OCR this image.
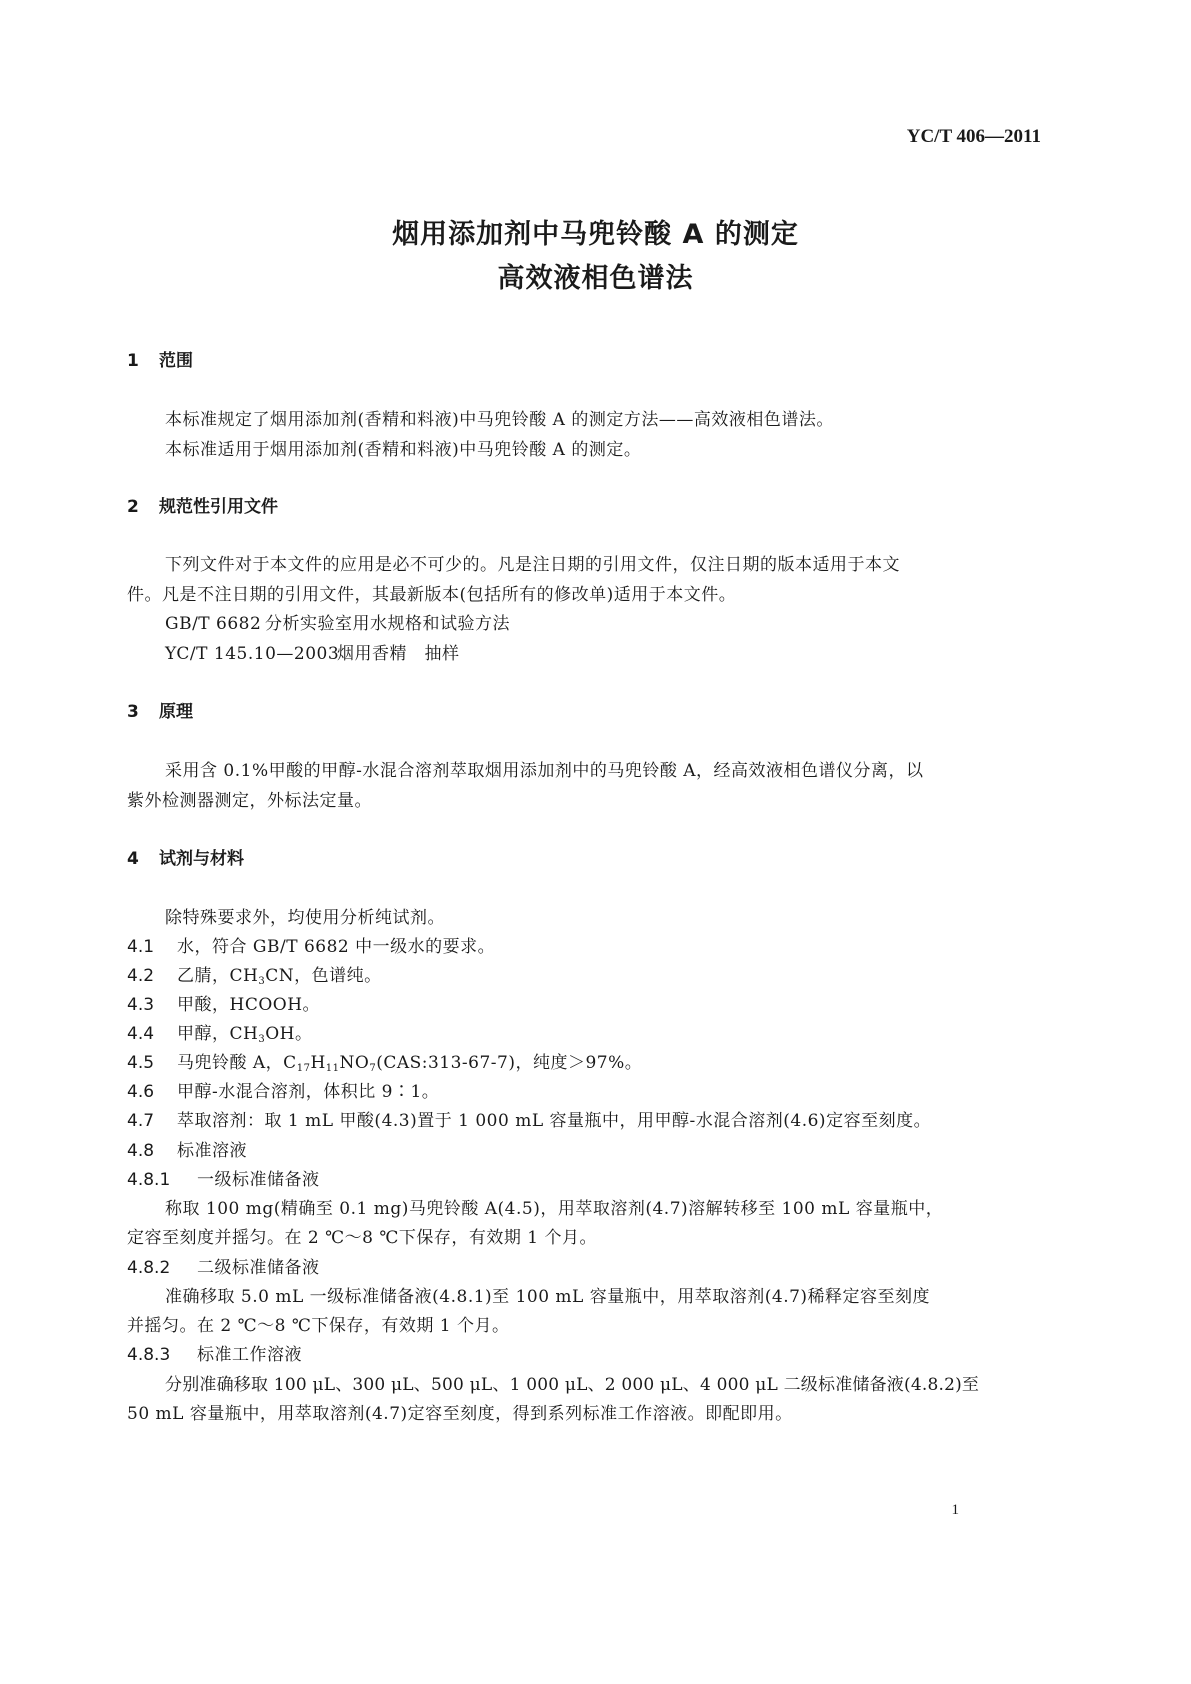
YC/T 406—2011
烟用添加剂中马兜铃酸 A 的测定
高效液相色谱法
1 范围
本标准规定了烟用添加剂(香精和料液)中马兜铃酸 A 的测定方法——高效液相色谱法。
本标准适用于烟用添加剂(香精和料液)中马兜铃酸 A 的测定。
2 规范性引用文件
下列文件对于本文件的应用是必不可少的。凡是注日期的引用文件，仅注日期的版本适用于本文
件。凡是不注日期的引用文件，其最新版本(包括所有的修改单)适用于本文件。
GB/T 6682 分析实验室用水规格和试验方法
YC/T 145.10—2003烟用香精　抽样
3 原理
采用含 0.1%甲酸的甲醇-水混合溶剂萃取烟用添加剂中的马兜铃酸 A，经高效液相色谱仪分离，以
紫外检测器测定，外标法定量。
4 试剂与材料
除特殊要求外，均使用分析纯试剂。
4.1 水，符合 GB/T 6682 中一级水的要求。
4.2 乙腈，$CH_3CN$，色谱纯。
4.3 甲酸，HCOOH。
4.4 甲醇，$CH_3OH$。
4.5 马兜铃酸 A，$C_{17}H_{11}NO_7(CAS:313-67-7)$，纯度＞97%。
4.6 甲醇-水混合溶剂，体积比 9∶1。
4.7 萃取溶剂：取 1 mL 甲酸(4.3)置于 1 000 mL 容量瓶中，用甲醇-水混合溶剂(4.6)定容至刻度。
4.8 标准溶液
4.8.1 一级标准储备液
称取 100 mg(精确至 0.1 mg)马兜铃酸 A(4.5)，用萃取溶剂(4.7)溶解转移至 100 mL 容量瓶中，
定容至刻度并摇匀。在 2 ℃～8 ℃下保存，有效期 1 个月。
4.8.2 二级标准储备液
准确移取 5.0 mL 一级标准储备液(4.8.1)至 100 mL 容量瓶中，用萃取溶剂(4.7)稀释定容至刻度
并摇匀。在 2 ℃～8 ℃下保存，有效期 1 个月。
4.8.3 标准工作溶液
分别准确移取 100 μL、300 μL、500 μL、1 000 μL、2 000 μL、4 000 μL 二级标准储备液(4.8.2)至
50 mL 容量瓶中，用萃取溶剂(4.7)定容至刻度，得到系列标准工作溶液。即配即用。
1
